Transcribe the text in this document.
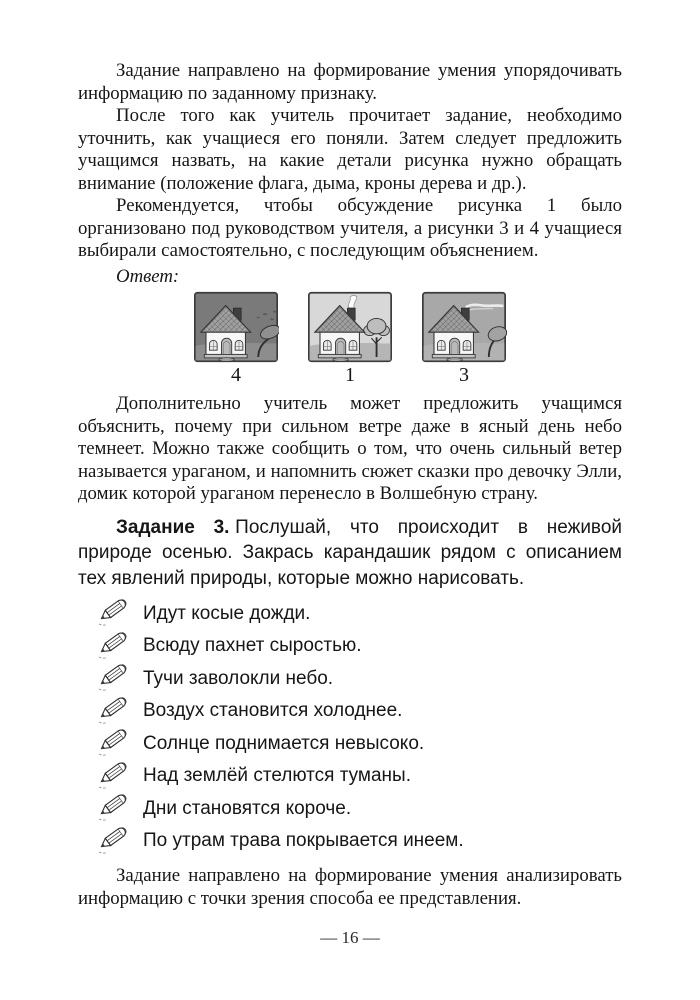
Задание направлено на формирование умения упорядочивать информацию по заданному признаку.

После того как учитель прочитает задание, необходимо уточнить, как учащиеся его поняли. Затем следует предложить учащимся назвать, на какие детали рисунка нужно обращать внимание (положение флага, дыма, кроны дерева и др.).

Рекомендуется, чтобы обсуждение рисунка 1 было организовано под руководством учителя, а рисунки 3 и 4 учащиеся выбирали самостоятельно, с последующим объяснением.

Ответ:

4	1	3

Дополнительно учитель может предложить учащимся объяснить, почему при сильном ветре даже в ясный день небо темнеет. Можно также сообщить о том, что очень сильный ветер называется ураганом, и напомнить сюжет сказки про девочку Элли, домик которой ураганом перенесло в Волшебную страну.

Задание 3. Послушай, что происходит в неживой природе осенью. Закрась карандашик рядом с описанием тех явлений природы, которые можно нарисовать.

Идут косые дожди.
Всюду пахнет сыростью.
Тучи заволокли небо.
Воздух становится холоднее.
Солнце поднимается невысоко.
Над землёй стелются туманы.
Дни становятся короче.
По утрам трава покрывается инеем.

Задание направлено на формирование умения анализировать информацию с точки зрения способа ее представления.

— 16 —
